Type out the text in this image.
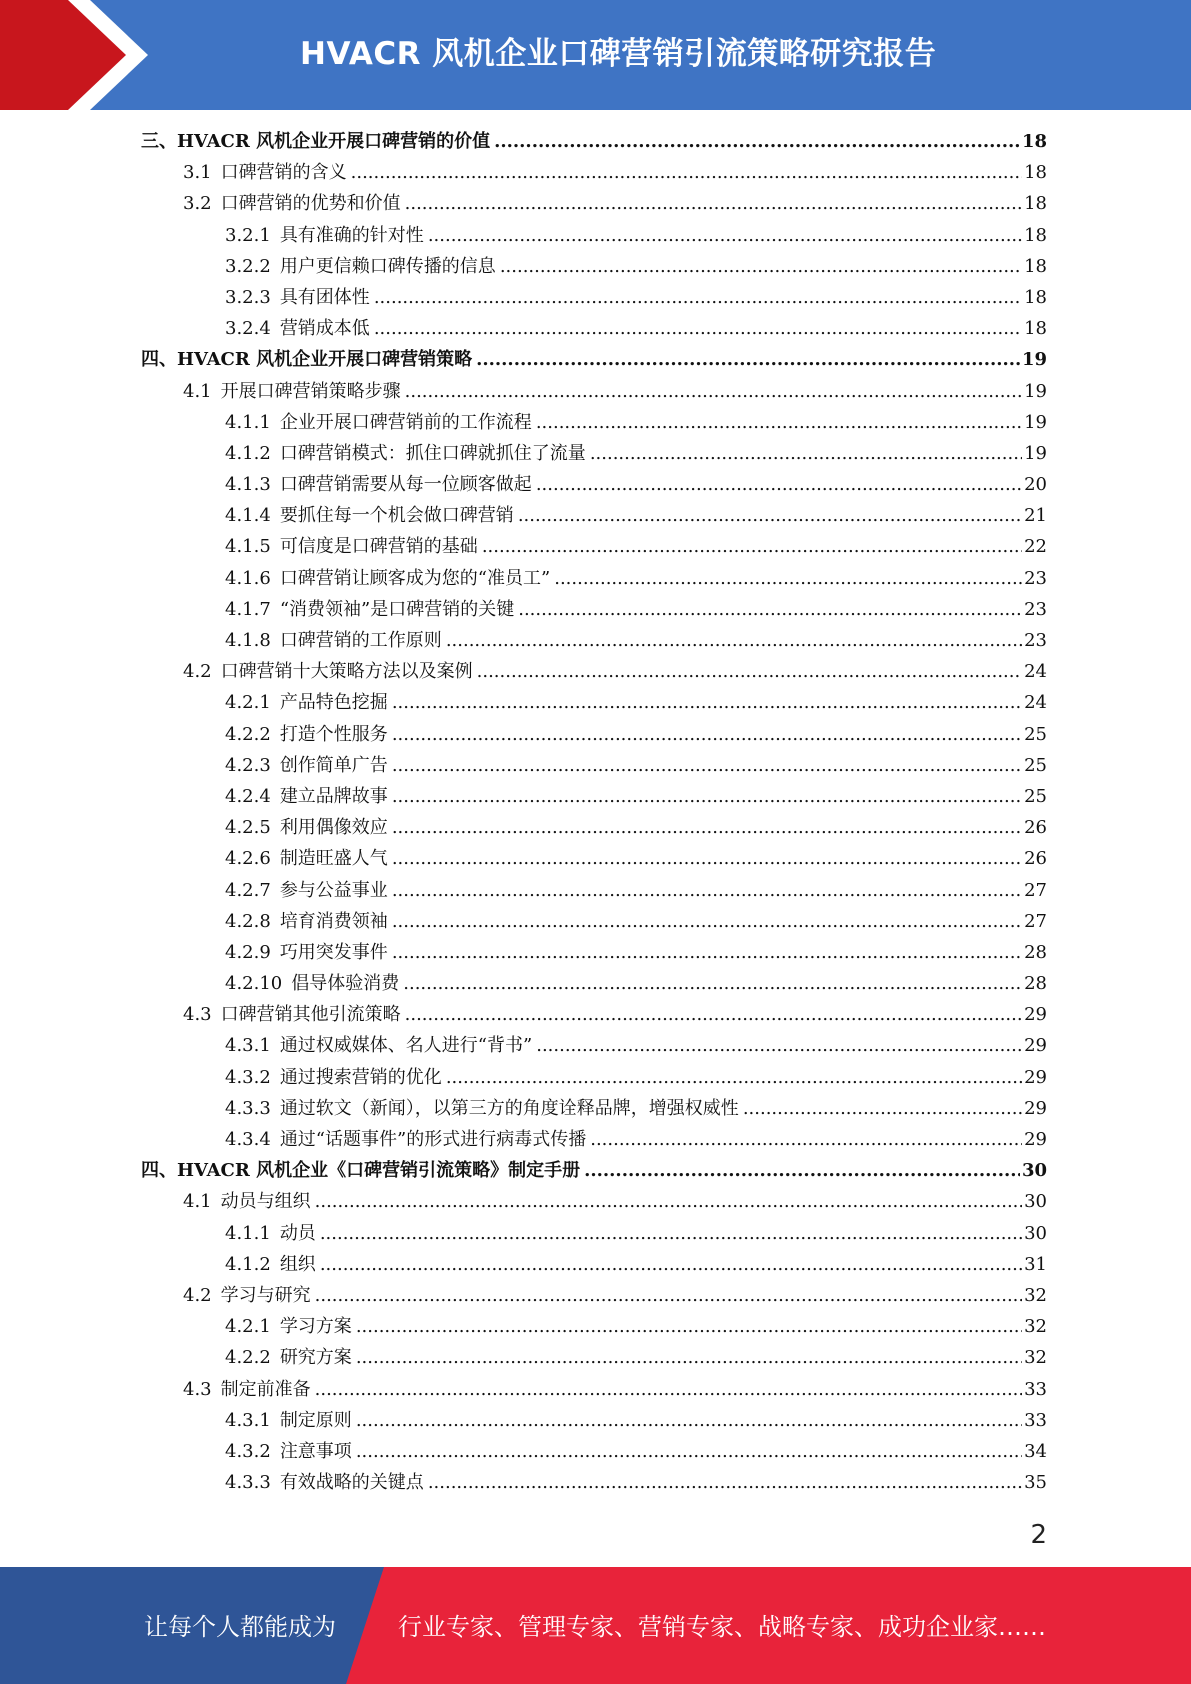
HVACR 风机企业口碑营销引流策略研究报告
三、 HVACR 风机企业开展口碑营销的价值 .....	18
3.1 口碑营销的含义 .....	18
3.2 口碑营销的优势和价值 .....	18
3.2.1 具有准确的针对性 .....	18
3.2.2 用户更信赖口碑传播的信息 .....	18
3.2.3 具有团体性 .....	18
3.2.4 营销成本低 .....	18
四、 HVACR 风机企业开展口碑营销策略 .....	19
4.1 开展口碑营销策略步骤 .....	19
4.1.1 企业开展口碑营销前的工作流程 .....	19
4.1.2 口碑营销模式：抓住口碑就抓住了流量 .....	19
4.1.3 口碑营销需要从每一位顾客做起 .....	20
4.1.4 要抓住每一个机会做口碑营销 .....	21
4.1.5 可信度是口碑营销的基础 .....	22
4.1.6 口碑营销让顾客成为您的“准员工” .....	23
4.1.7 “消费领袖”是口碑营销的关键 .....	23
4.1.8 口碑营销的工作原则 .....	23
4.2 口碑营销十大策略方法以及案例 .....	24
4.2.1 产品特色挖掘 .....	24
4.2.2 打造个性服务 .....	25
4.2.3 创作简单广告 .....	25
4.2.4 建立品牌故事 .....	25
4.2.5 利用偶像效应 .....	26
4.2.6 制造旺盛人气 .....	26
4.2.7 参与公益事业 .....	27
4.2.8 培育消费领袖 .....	27
4.2.9 巧用突发事件 .....	28
4.2.10 倡导体验消费 .....	28
4.3 口碑营销其他引流策略 .....	29
4.3.1 通过权威媒体、名人进行“背书” .....	29
4.3.2 通过搜索营销的优化 .....	29
4.3.3 通过软文（新闻），以第三方的角度诠释品牌，增强权威性 .....	29
4.3.4 通过“话题事件”的形式进行病毒式传播 .....	29
四、 HVACR 风机企业《口碑营销引流策略》制定手册 .....	30
4.1 动员与组织 .....	30
4.1.1 动员 .....	30
4.1.2 组织 .....	31
4.2 学习与研究 .....	32
4.2.1 学习方案 .....	32
4.2.2 研究方案 .....	32
4.3 制定前准备 .....	33
4.3.1 制定原则 .....	33
4.3.2 注意事项 .....	34
4.3.3 有效战略的关键点 .....	35
2
让每个人都能成为	行业专家、管理专家、营销专家、战略专家、成功企业家……
